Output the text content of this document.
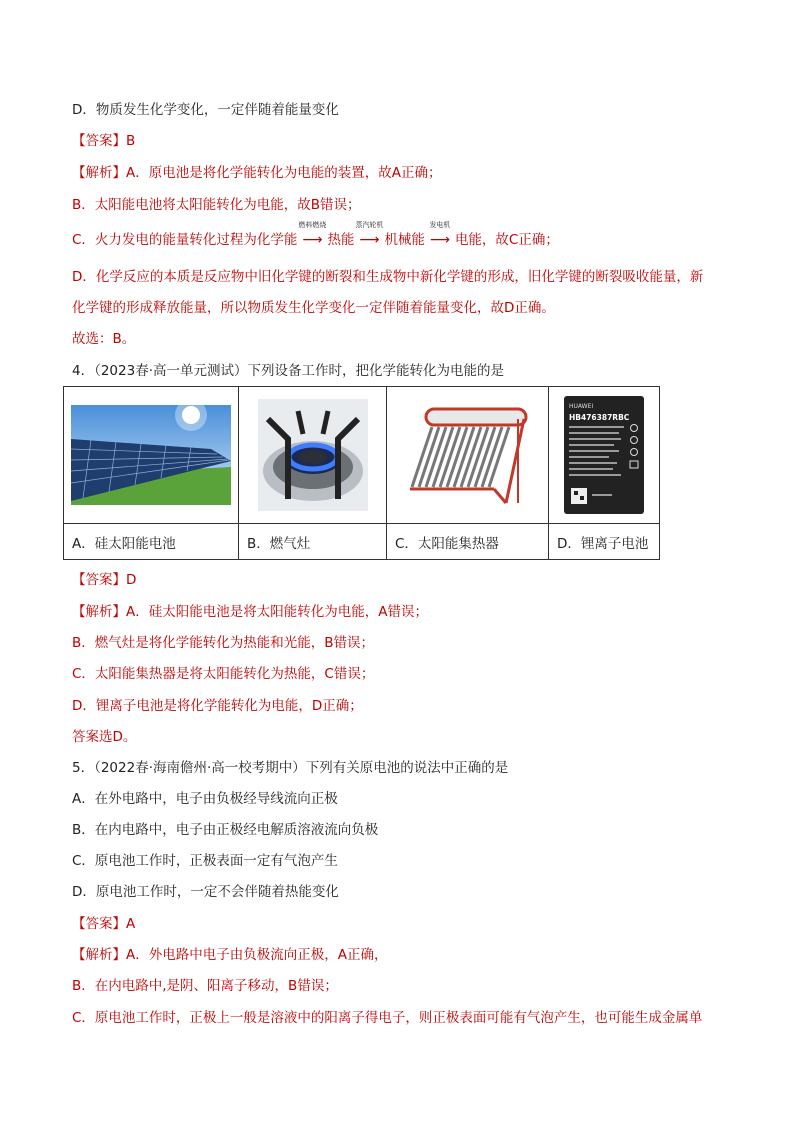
D．物质发生化学变化，一定伴随着能量变化
【答案】B
【解析】A．原电池是将化学能转化为电能的装置，故A正确；
B．太阳能电池将太阳能转化为电能，故B错误；
C．火力发电的能量转化过程为化学能
燃料燃烧
⟶ 热能
蒸汽轮机
⟶ 机械能
发电机
⟶ 电能，故C正确；
D．化学反应的本质是反应物中旧化学键的断裂和生成物中新化学键的形成，旧化学键的断裂吸收能量，新
化学键的形成释放能量，所以物质发生化学变化一定伴随着能量变化，故D正确。
故选：B。
4．（2023春·高一单元测试）下列设备工作时，把化学能转化为电能的是

HUAWEI
HB476387RBC

A．硅太阳能电池	B．燃气灶	C．太阳能集热器	D．锂离子电池
【答案】D
【解析】A．硅太阳能电池是将太阳能转化为电能，A错误；
B．燃气灶是将化学能转化为热能和光能，B错误；
C．太阳能集热器是将太阳能转化为热能，C错误；
D．锂离子电池是将化学能转化为电能，D正确；
答案选D。
5．（2022春·海南儋州·高一校考期中）下列有关原电池的说法中正确的是
A．在外电路中，电子由负极经导线流向正极
B．在内电路中，电子由正极经电解质溶液流向负极
C．原电池工作时，正极表面一定有气泡产生
D．原电池工作时，一定不会伴随着热能变化
【答案】A
【解析】A．外电路中电子由负极流向正极，A正确，
B．在内电路中,是阴、阳离子移动，B错误；
C．原电池工作时，正极上一般是溶液中的阳离子得电子，则正极表面可能有气泡产生，也可能生成金属单
